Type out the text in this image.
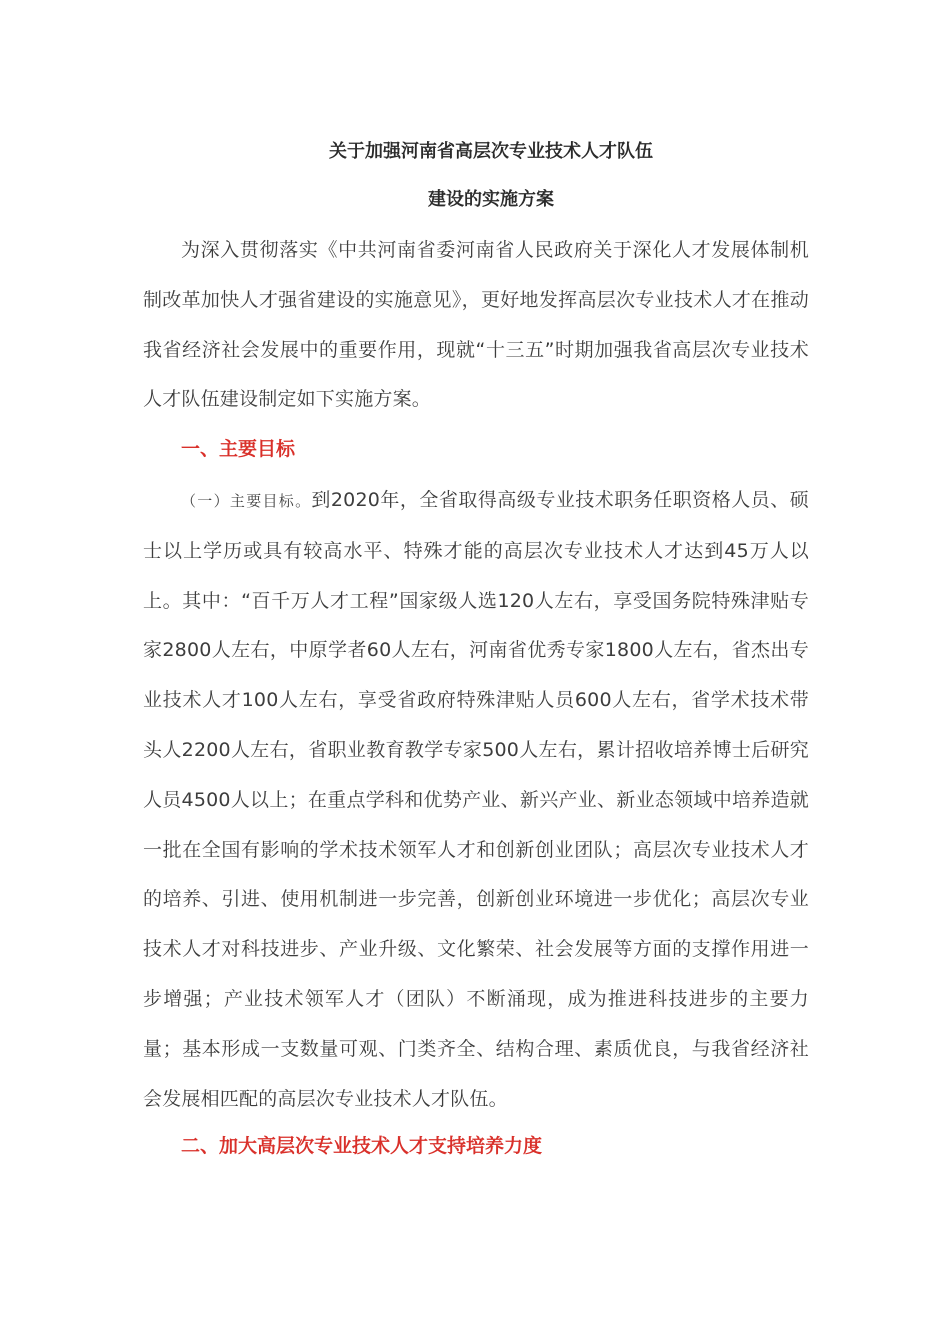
关于加强河南省高层次专业技术人才队伍
建设的实施方案

为深入贯彻落实《中共河南省委河南省人民政府关于深化人才发展体制机制改革加快人才强省建设的实施意见》，更好地发挥高层次专业技术人才在推动我省经济社会发展中的重要作用，现就“十三五”时期加强我省高层次专业技术人才队伍建设制定如下实施方案。

一、主要目标

（一）主要目标。到2020年，全省取得高级专业技术职务任职资格人员、硕士以上学历或具有较高水平、特殊才能的高层次专业技术人才达到45万人以上。其中：“百千万人才工程”国家级人选120人左右，享受国务院特殊津贴专家2800人左右，中原学者60人左右，河南省优秀专家1800人左右，省杰出专业技术人才100人左右，享受省政府特殊津贴人员600人左右，省学术技术带头人2200人左右，省职业教育教学专家500人左右，累计招收培养博士后研究人员4500人以上；在重点学科和优势产业、新兴产业、新业态领域中培养造就一批在全国有影响的学术技术领军人才和创新创业团队；高层次专业技术人才的培养、引进、使用机制进一步完善，创新创业环境进一步优化；高层次专业技术人才对科技进步、产业升级、文化繁荣、社会发展等方面的支撑作用进一步增强；产业技术领军人才（团队）不断涌现，成为推进科技进步的主要力量；基本形成一支数量可观、门类齐全、结构合理、素质优良，与我省经济社会发展相匹配的高层次专业技术人才队伍。

二、加大高层次专业技术人才支持培养力度
